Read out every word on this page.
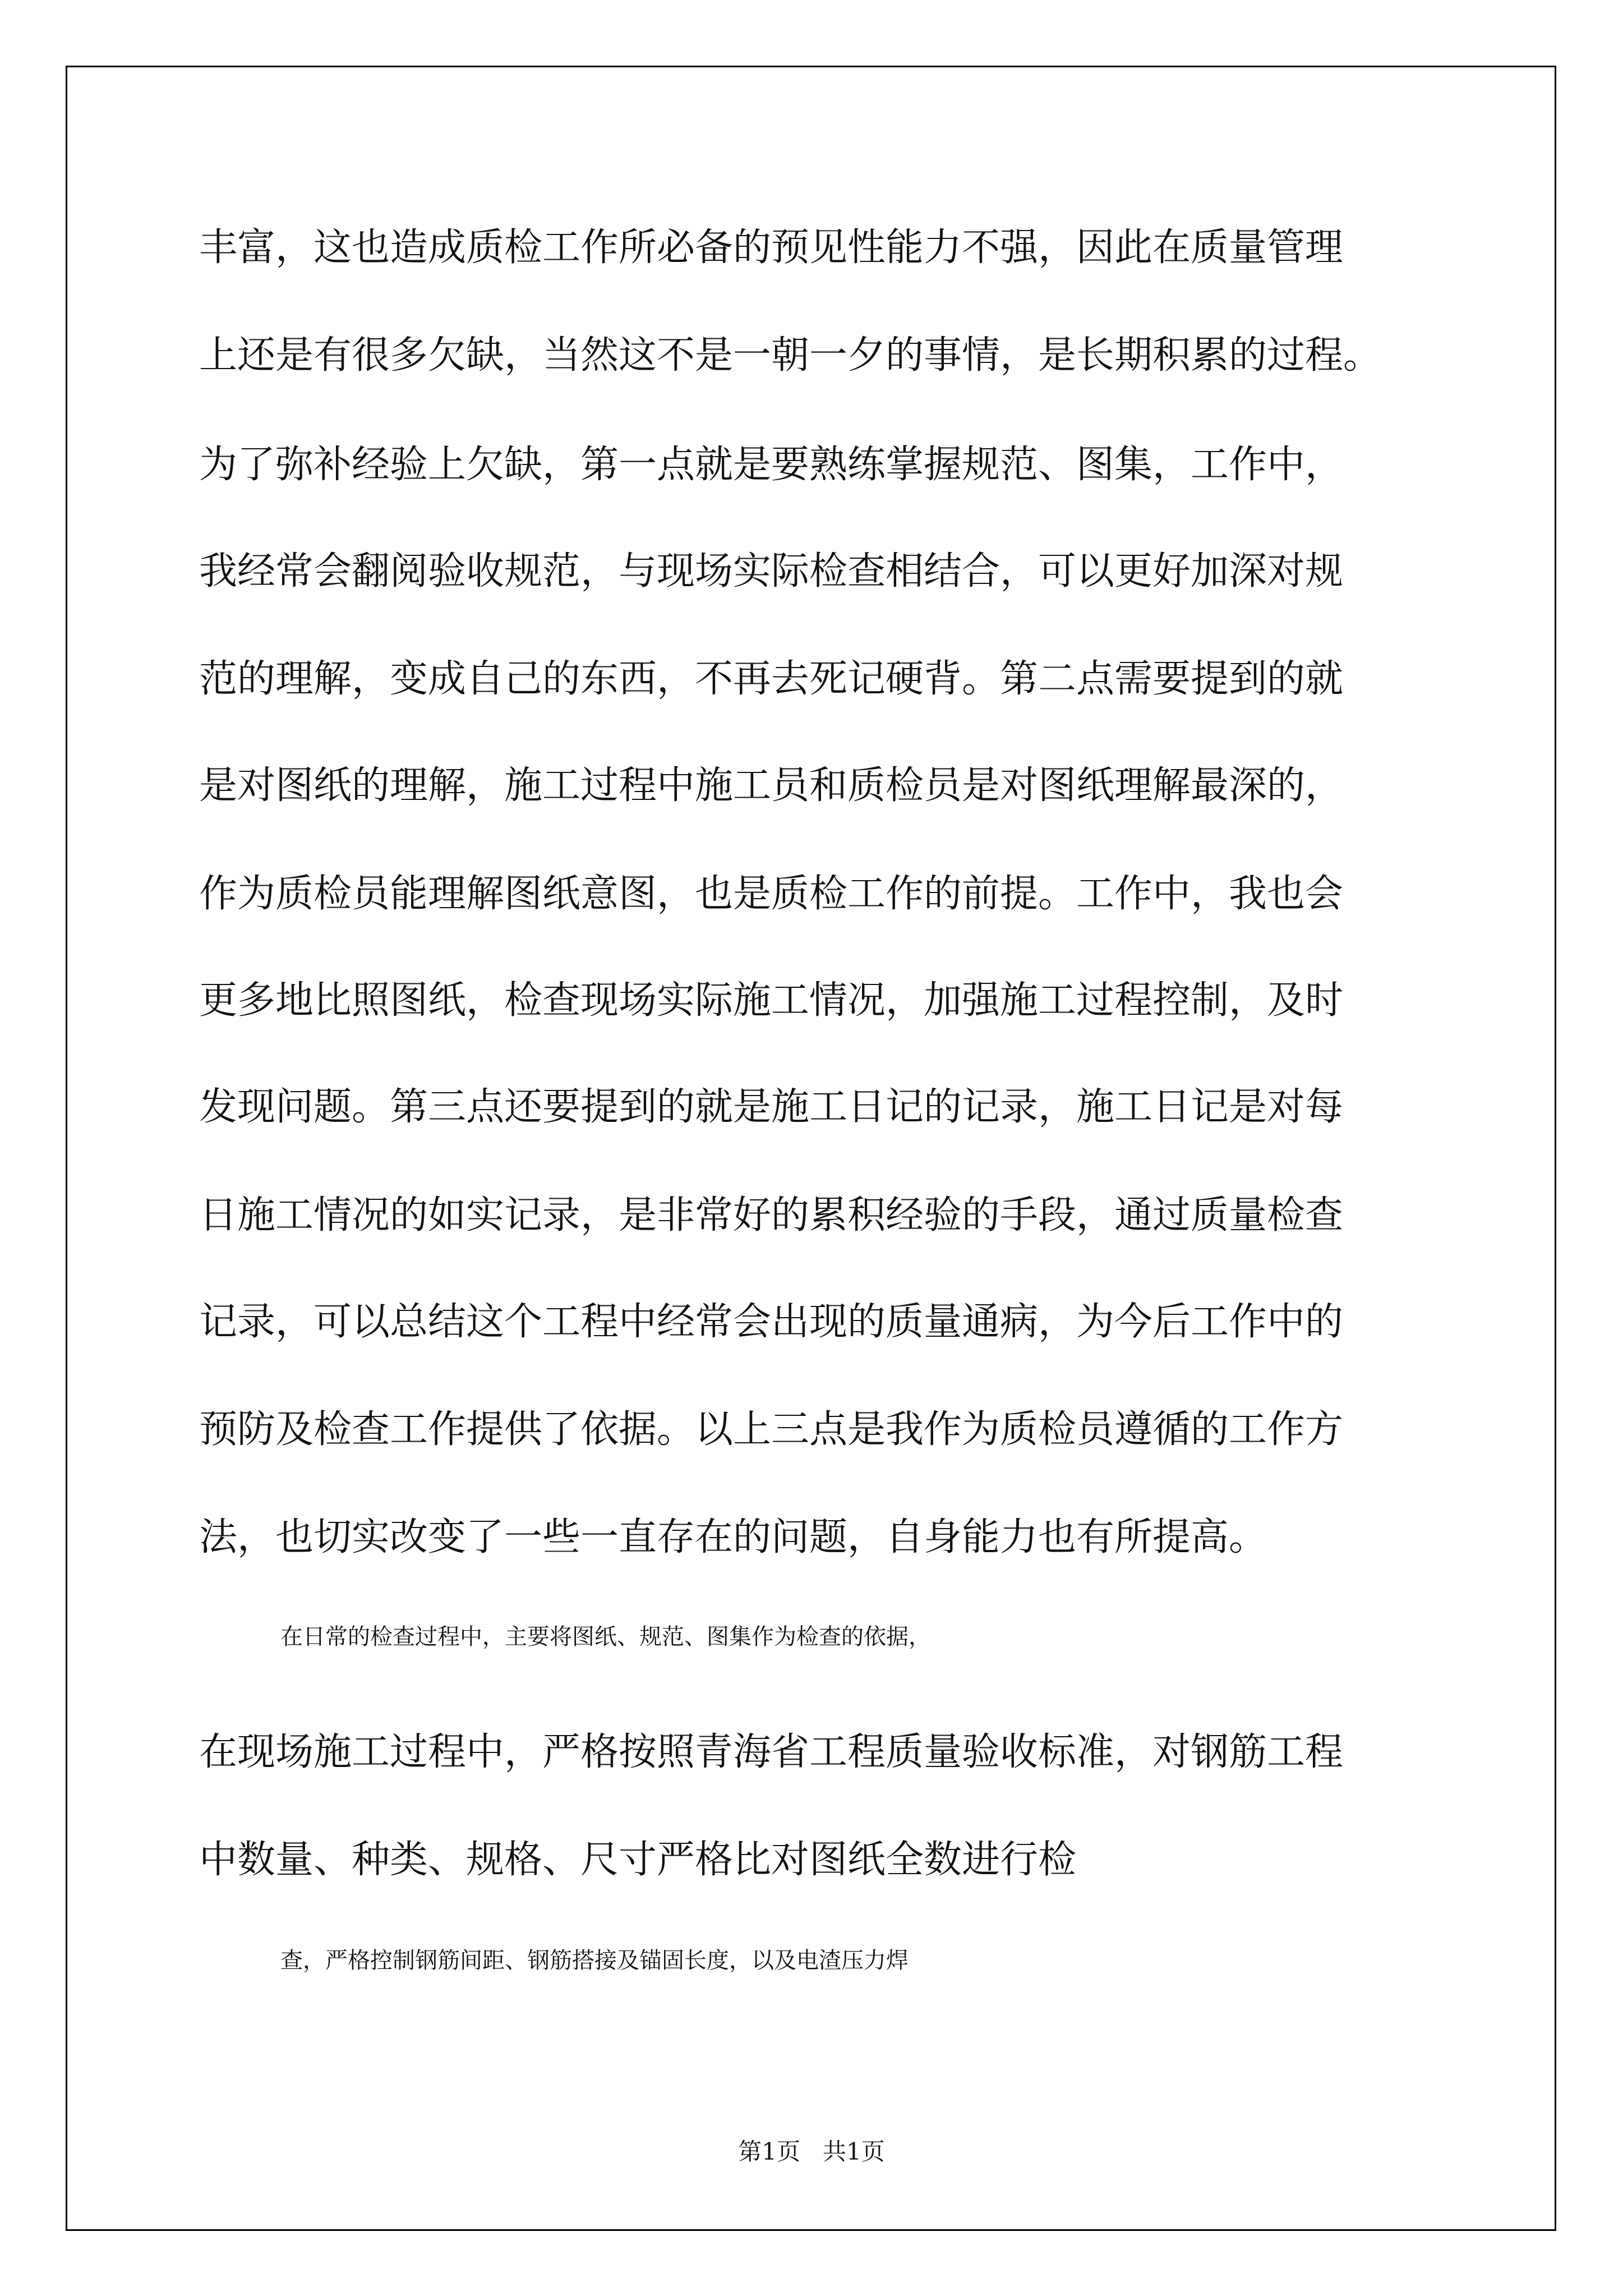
丰富，这也造成质检工作所必备的预见性能力不强，因此在质量管理
上还是有很多欠缺，当然这不是一朝一夕的事情，是长期积累的过程。
为了弥补经验上欠缺，第一点就是要熟练掌握规范、图集，工作中，
我经常会翻阅验收规范，与现场实际检查相结合，可以更好加深对规
范的理解，变成自己的东西，不再去死记硬背。第二点需要提到的就
是对图纸的理解，施工过程中施工员和质检员是对图纸理解最深的，
作为质检员能理解图纸意图，也是质检工作的前提。工作中，我也会
更多地比照图纸，检查现场实际施工情况，加强施工过程控制，及时
发现问题。第三点还要提到的就是施工日记的记录，施工日记是对每
日施工情况的如实记录，是非常好的累积经验的手段，通过质量检查
记录，可以总结这个工程中经常会出现的质量通病，为今后工作中的
预防及检查工作提供了依据。以上三点是我作为质检员遵循的工作方
法，也切实改变了一些一直存在的问题，自身能力也有所提高。
在日常的检查过程中，主要将图纸、规范、图集作为检查的依据，
在现场施工过程中，严格按照青海省工程质量验收标准，对钢筋工程
中数量、种类、规格、尺寸严格比对图纸全数进行检
查，严格控制钢筋间距、钢筋搭接及锚固长度，以及电渣压力焊
第1页   共1页
